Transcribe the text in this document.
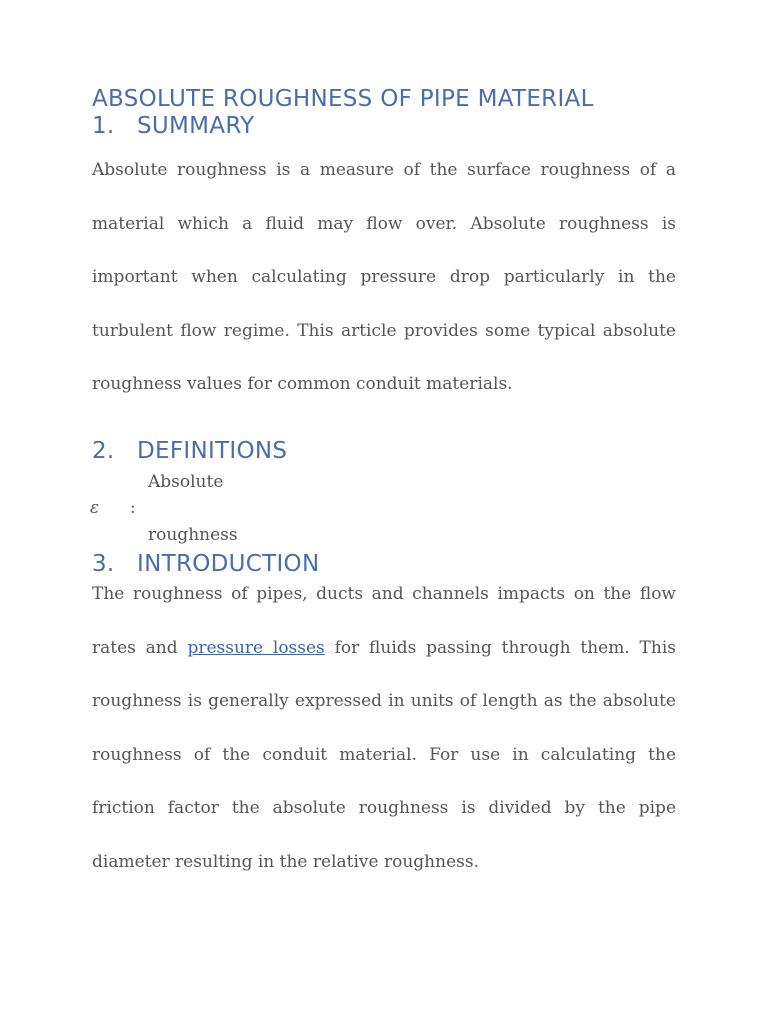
ABSOLUTE ROUGHNESS OF PIPE MATERIAL
1. SUMMARY

Absolute roughness is a measure of the surface roughness of a material which a fluid may flow over. Absolute roughness is important when calculating pressure drop particularly in the turbulent flow regime. This article provides some typical absolute roughness values for common conduit materials.

2. DEFINITIONS
Absolute
ε :
roughness
3. INTRODUCTION

The roughness of pipes, ducts and channels impacts on the flow rates and pressure losses for fluids passing through them. This roughness is generally expressed in units of length as the absolute roughness of the conduit material. For use in calculating the friction factor the absolute roughness is divided by the pipe diameter resulting in the relative roughness.
